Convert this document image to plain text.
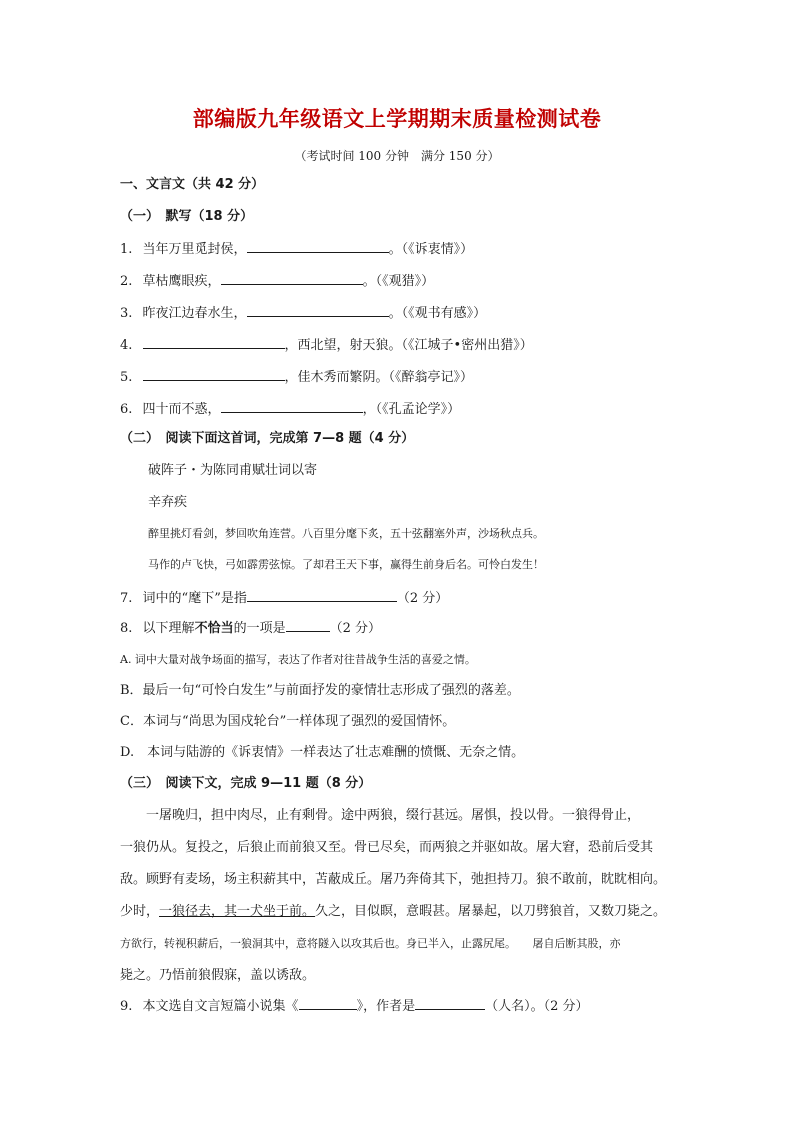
部编版九年级语文上学期期末质量检测试卷
（考试时间 100 分钟　满分 150 分）
一、文言文（共 42 分）
（一）　默写（18 分）
1. 当年万里觅封侯，	。（《诉衷情》）
2. 草枯鹰眼疾，	。（《观猎》）
3. 昨夜江边春水生，	。（《观书有感》）
4.	，西北望，射天狼。（《江城子•密州出猎》）
5.	，佳木秀而繁阴。（《醉翁亭记》）
6. 四十而不惑，	，（《孔孟论学》）
（二）　阅读下面这首词，完成第 7—8 题（4 分）
破阵子・为陈同甫赋壮词以寄
辛弃疾
醉里挑灯看剑，梦回吹角连营。八百里分麾下炙，五十弦翻塞外声，沙场秋点兵。
马作的卢飞快，弓如霹雳弦惊。了却君王天下事，赢得生前身后名。可怜白发生！
7. 词中的“麾下”是指	（2 分）
8. 以下理解不恰当的一项是	（2 分）
A. 词中大量对战争场面的描写，表达了作者对往昔战争生活的喜爱之情。
B．最后一句“可怜白发生”与前面抒发的豪情壮志形成了强烈的落差。
C．本词与“尚思为国戍轮台”一样体现了强烈的爱国情怀。
D.　本词与陆游的《诉衷情》一样表达了壮志难酬的愤慨、无奈之情。
（三）　阅读下文，完成 9—11 题（8 分）

　　一屠晚归，担中肉尽，止有剩骨。途中两狼，缀行甚远。屠惧，投以骨。一狼得骨止，

一狼仍从。复投之，后狼止而前狼又至。骨已尽矣，而两狼之并驱如故。屠大窘，恐前后受其

敌。顾野有麦场，场主积薪其中，苫蔽成丘。屠乃奔倚其下，弛担持刀。狼不敢前，眈眈相向。

少时，一狼径去，其一犬坐于前。久之，目似瞑，意暇甚。屠暴起，以刀劈狼首，又数刀毙之。

方欲行，转视积薪后，一狼洞其中，意将隧入以攻其后也。身已半入，止露尻尾。　　屠自后断其股，亦

毙之。乃悟前狼假寐，盖以诱敌。

9. 本文选自文言短篇小说集《	》，作者是	（人名）。（2 分）
